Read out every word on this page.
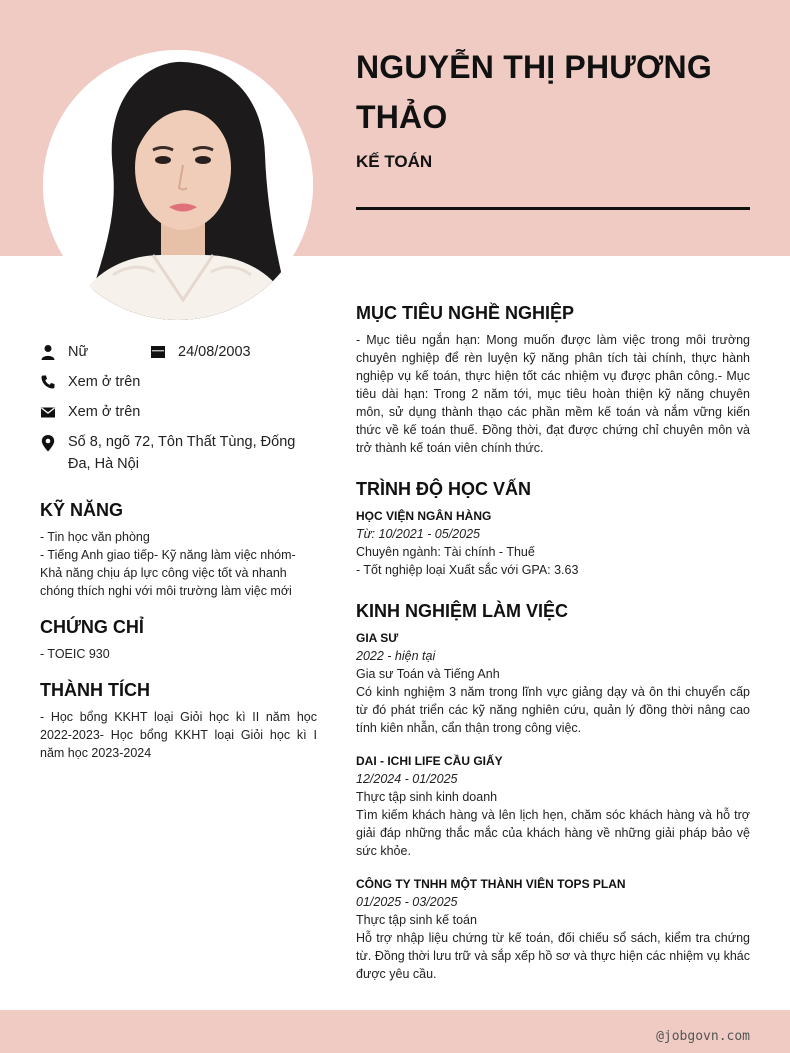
NGUYỄN THỊ PHƯƠNG THẢO
KẾ TOÁN
Nữ	24/08/2003
Xem ở trên
Xem ở trên
Số 8, ngõ 72, Tôn Thất Tùng, Đống Đa, Hà Nội
KỸ NĂNG
- Tin học văn phòng
- Tiếng Anh giao tiếp- Kỹ năng làm việc nhóm- Khả năng chịu áp lực công việc tốt và nhanh chóng thích nghi với môi trường làm việc mới
CHỨNG CHỈ
- TOEIC 930
THÀNH TÍCH
- Học bổng KKHT loại Giỏi học kì II năm học 2022-2023- Học bổng KKHT loại Giỏi học kì I năm học 2023-2024
MỤC TIÊU NGHỀ NGHIỆP
- Mục tiêu ngắn hạn: Mong muốn được làm việc trong môi trường chuyên nghiệp để rèn luyện kỹ năng phân tích tài chính, thực hành nghiệp vụ kế toán, thực hiện tốt các nhiệm vụ được phân công.- Mục tiêu dài hạn: Trong 2 năm tới, mục tiêu hoàn thiện kỹ năng chuyên môn, sử dụng thành thạo các phần mềm kế toán và nắm vững kiến thức về kế toán thuế. Đồng thời, đạt được chứng chỉ chuyên môn và trở thành kế toán viên chính thức.
TRÌNH ĐỘ HỌC VẤN
HỌC VIỆN NGÂN HÀNG
Từ: 10/2021 - 05/2025
Chuyên ngành: Tài chính - Thuế
- Tốt nghiệp loại Xuất sắc với GPA: 3.63
KINH NGHIỆM LÀM VIỆC
GIA SƯ
2022 - hiện tại
Gia sư Toán và Tiếng Anh
Có kinh nghiệm 3 năm trong lĩnh vực giảng dạy và ôn thi chuyển cấp từ đó phát triển các kỹ năng nghiên cứu, quản lý đồng thời nâng cao tính kiên nhẫn, cẩn thận trong công việc.
DAI - ICHI LIFE CẦU GIẤY
12/2024 - 01/2025
Thực tập sinh kinh doanh
Tìm kiếm khách hàng và lên lịch hẹn, chăm sóc khách hàng và hỗ trợ giải đáp những thắc mắc của khách hàng về những giải pháp bảo vệ sức khỏe.
CÔNG TY TNHH MỘT THÀNH VIÊN TOPS PLAN
01/2025 - 03/2025
Thực tập sinh kế toán
Hỗ trợ nhập liệu chứng từ kế toán, đối chiếu sổ sách, kiểm tra chứng từ. Đồng thời lưu trữ và sắp xếp hồ sơ và thực hiện các nhiệm vụ khác được yêu cầu.
@jobgovn.com
